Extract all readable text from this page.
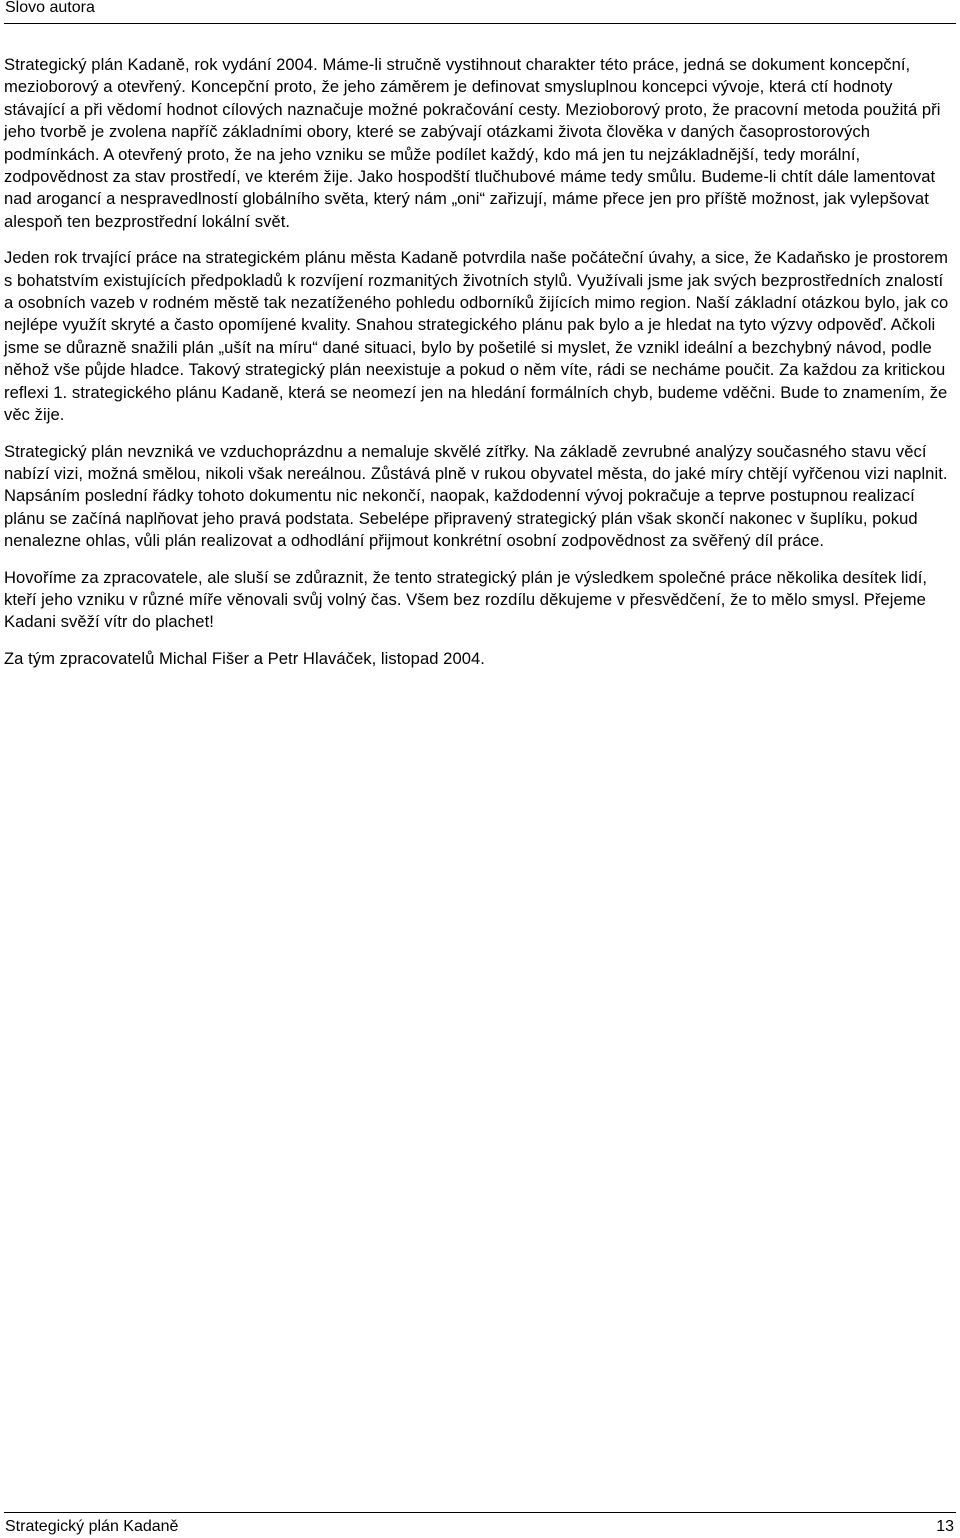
Slovo autora

Strategický plán Kadaně, rok vydání 2004. Máme-li stručně vystihnout charakter této práce, jedná se dokument koncepční, mezioborový a otevřený. Koncepční proto, že jeho záměrem je definovat smysluplnou koncepci vývoje, která ctí hodnoty stávající a při vědomí hodnot cílových naznačuje možné pokračování cesty. Mezioborový proto, že pracovní metoda použitá při jeho tvorbě je zvolena napříč základními obory, které se zabývají otázkami života člověka v daných časoprostorových podmínkách. A otevřený proto, že na jeho vzniku se může podílet každý, kdo má jen tu nejzákladnější, tedy morální, zodpovědnost za stav prostředí, ve kterém žije. Jako hospodští tlučhubové máme tedy smůlu. Budeme-li chtít dále lamentovat nad arogancí a nespravedlností globálního světa, který nám „oni“ zařizují, máme přece jen pro příště možnost, jak vylepšovat alespoň ten bezprostřední lokální svět.

Jeden rok trvající práce na strategickém plánu města Kadaně potvrdila naše počáteční úvahy, a sice, že Kadaňsko je prostorem s bohatstvím existujících předpokladů k rozvíjení rozmanitých životních stylů. Využívali jsme jak svých bezprostředních znalostí a osobních vazeb v rodném městě tak nezatíženého pohledu odborníků žijících mimo region. Naší základní otázkou bylo, jak co nejlépe využít skryté a často opomíjené kvality. Snahou strategického plánu pak bylo a je hledat na tyto výzvy odpověď. Ačkoli jsme se důrazně snažili plán „ušít na míru“ dané situaci, bylo by pošetilé si myslet, že vznikl ideální a bezchybný návod, podle něhož vše půjde hladce. Takový strategický plán neexistuje a pokud o něm víte, rádi se necháme poučit. Za každou za kritickou reflexi 1. strategického plánu Kadaně, která se neomezí jen na hledání formálních chyb, budeme vděčni. Bude to znamením, že věc žije.

Strategický plán nevzniká ve vzduchoprázdnu a nemaluje skvělé zítřky. Na základě zevrubné analýzy současného stavu věcí nabízí vizi, možná smělou, nikoli však nereálnou. Zůstává plně v rukou obyvatel města, do jaké míry chtějí vyřčenou vizi naplnit. Napsáním poslední řádky tohoto dokumentu nic nekončí, naopak, každodenní vývoj pokračuje a teprve postupnou realizací plánu se začíná naplňovat jeho pravá podstata. Sebelépe připravený strategický plán však skončí nakonec v šuplíku, pokud nenalezne ohlas, vůli plán realizovat a odhodlání přijmout konkrétní osobní zodpovědnost za svěřený díl práce.

Hovoříme za zpracovatele, ale sluší se zdůraznit, že tento strategický plán je výsledkem společné práce několika desítek lidí, kteří jeho vzniku v různé míře věnovali svůj volný čas. Všem bez rozdílu děkujeme v přesvědčení, že to mělo smysl. Přejeme Kadani svěží vítr do plachet!

Za tým zpracovatelů Michal Fišer a Petr Hlaváček, listopad 2004.

Strategický plán Kadaně	13
